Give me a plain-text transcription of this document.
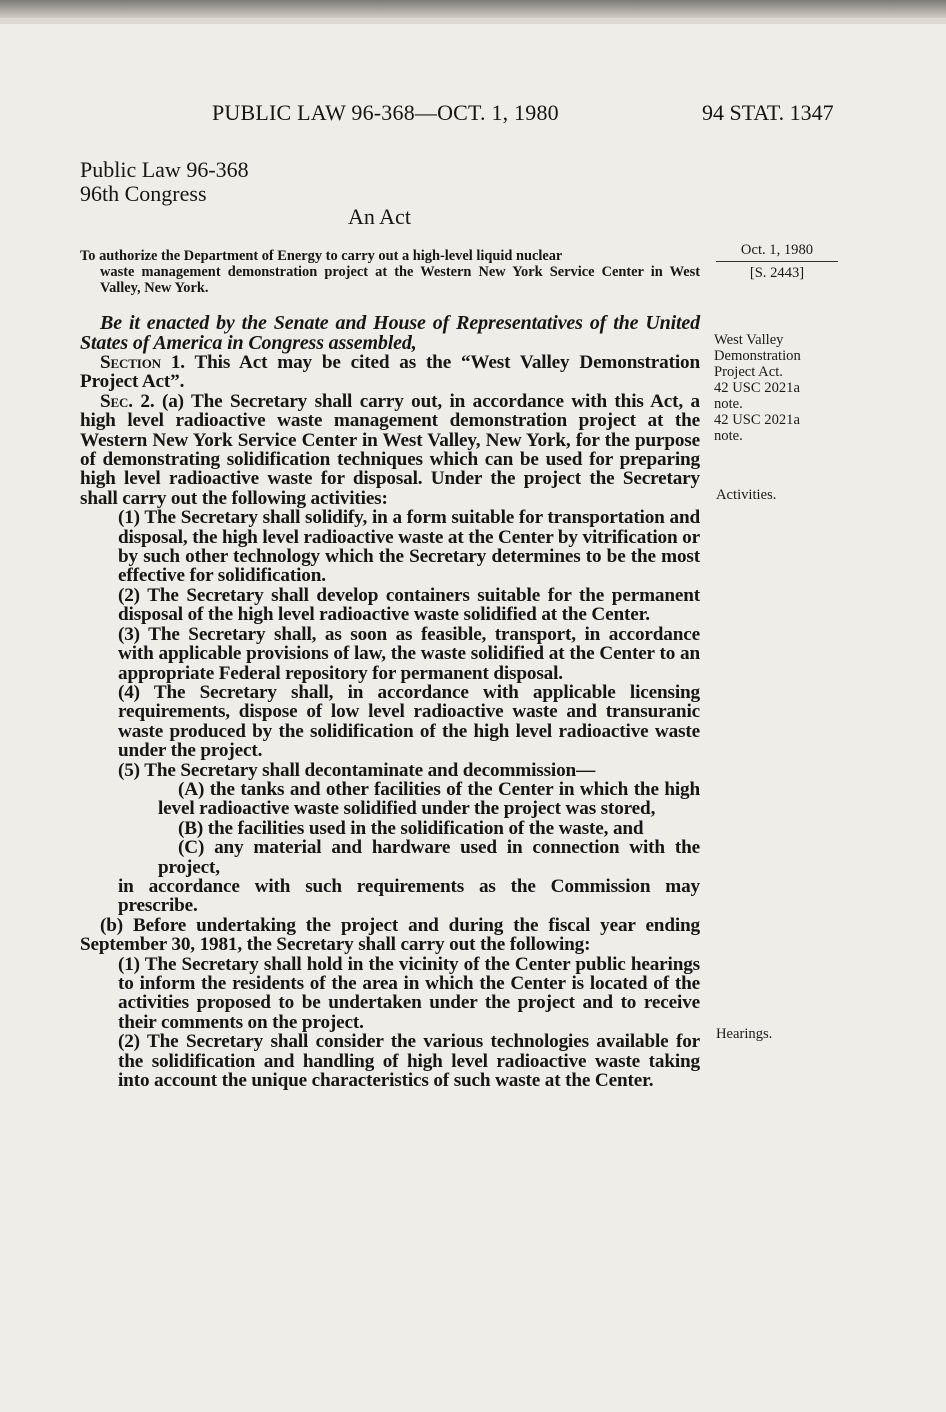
PUBLIC LAW 96-368—OCT. 1, 1980	94 STAT. 1347
Public Law 96-368
96th Congress
An Act
To authorize the Department of Energy to carry out a high-level liquid nuclear
waste management demonstration project at the Western New York Service Center in West Valley, New York.
Oct. 1, 1980
[S. 2443]
West Valley Demonstration Project Act.
42 USC 2021a note.
42 USC 2021a note.
Activities.
Hearings.

Be it enacted by the Senate and House of Representatives of the United States of America in Congress assembled,

Section 1. This Act may be cited as the “West Valley Demonstration Project Act”.

Sec. 2. (a) The Secretary shall carry out, in accordance with this Act, a high level radioactive waste management demonstration project at the Western New York Service Center in West Valley, New York, for the purpose of demonstrating solidification techniques which can be used for preparing high level radioactive waste for disposal. Under the project the Secretary shall carry out the following activities:

(1) The Secretary shall solidify, in a form suitable for transportation and disposal, the high level radioactive waste at the Center by vitrification or by such other technology which the Secretary determines to be the most effective for solidification.

(2) The Secretary shall develop containers suitable for the permanent disposal of the high level radioactive waste solidified at the Center.

(3) The Secretary shall, as soon as feasible, transport, in accordance with applicable provisions of law, the waste solidified at the Center to an appropriate Federal repository for permanent disposal.

(4) The Secretary shall, in accordance with applicable licensing requirements, dispose of low level radioactive waste and transuranic waste produced by the solidification of the high level radioactive waste under the project.

(5) The Secretary shall decontaminate and decommission—

(A) the tanks and other facilities of the Center in which the high level radioactive waste solidified under the project was stored,

(B) the facilities used in the solidification of the waste, and

(C) any material and hardware used in connection with the project,

in accordance with such requirements as the Commission may prescribe.

(b) Before undertaking the project and during the fiscal year ending September 30, 1981, the Secretary shall carry out the following:

(1) The Secretary shall hold in the vicinity of the Center public hearings to inform the residents of the area in which the Center is located of the activities proposed to be undertaken under the project and to receive their comments on the project.

(2) The Secretary shall consider the various technologies available for the solidification and handling of high level radioactive waste taking into account the unique characteristics of such waste at the Center.
